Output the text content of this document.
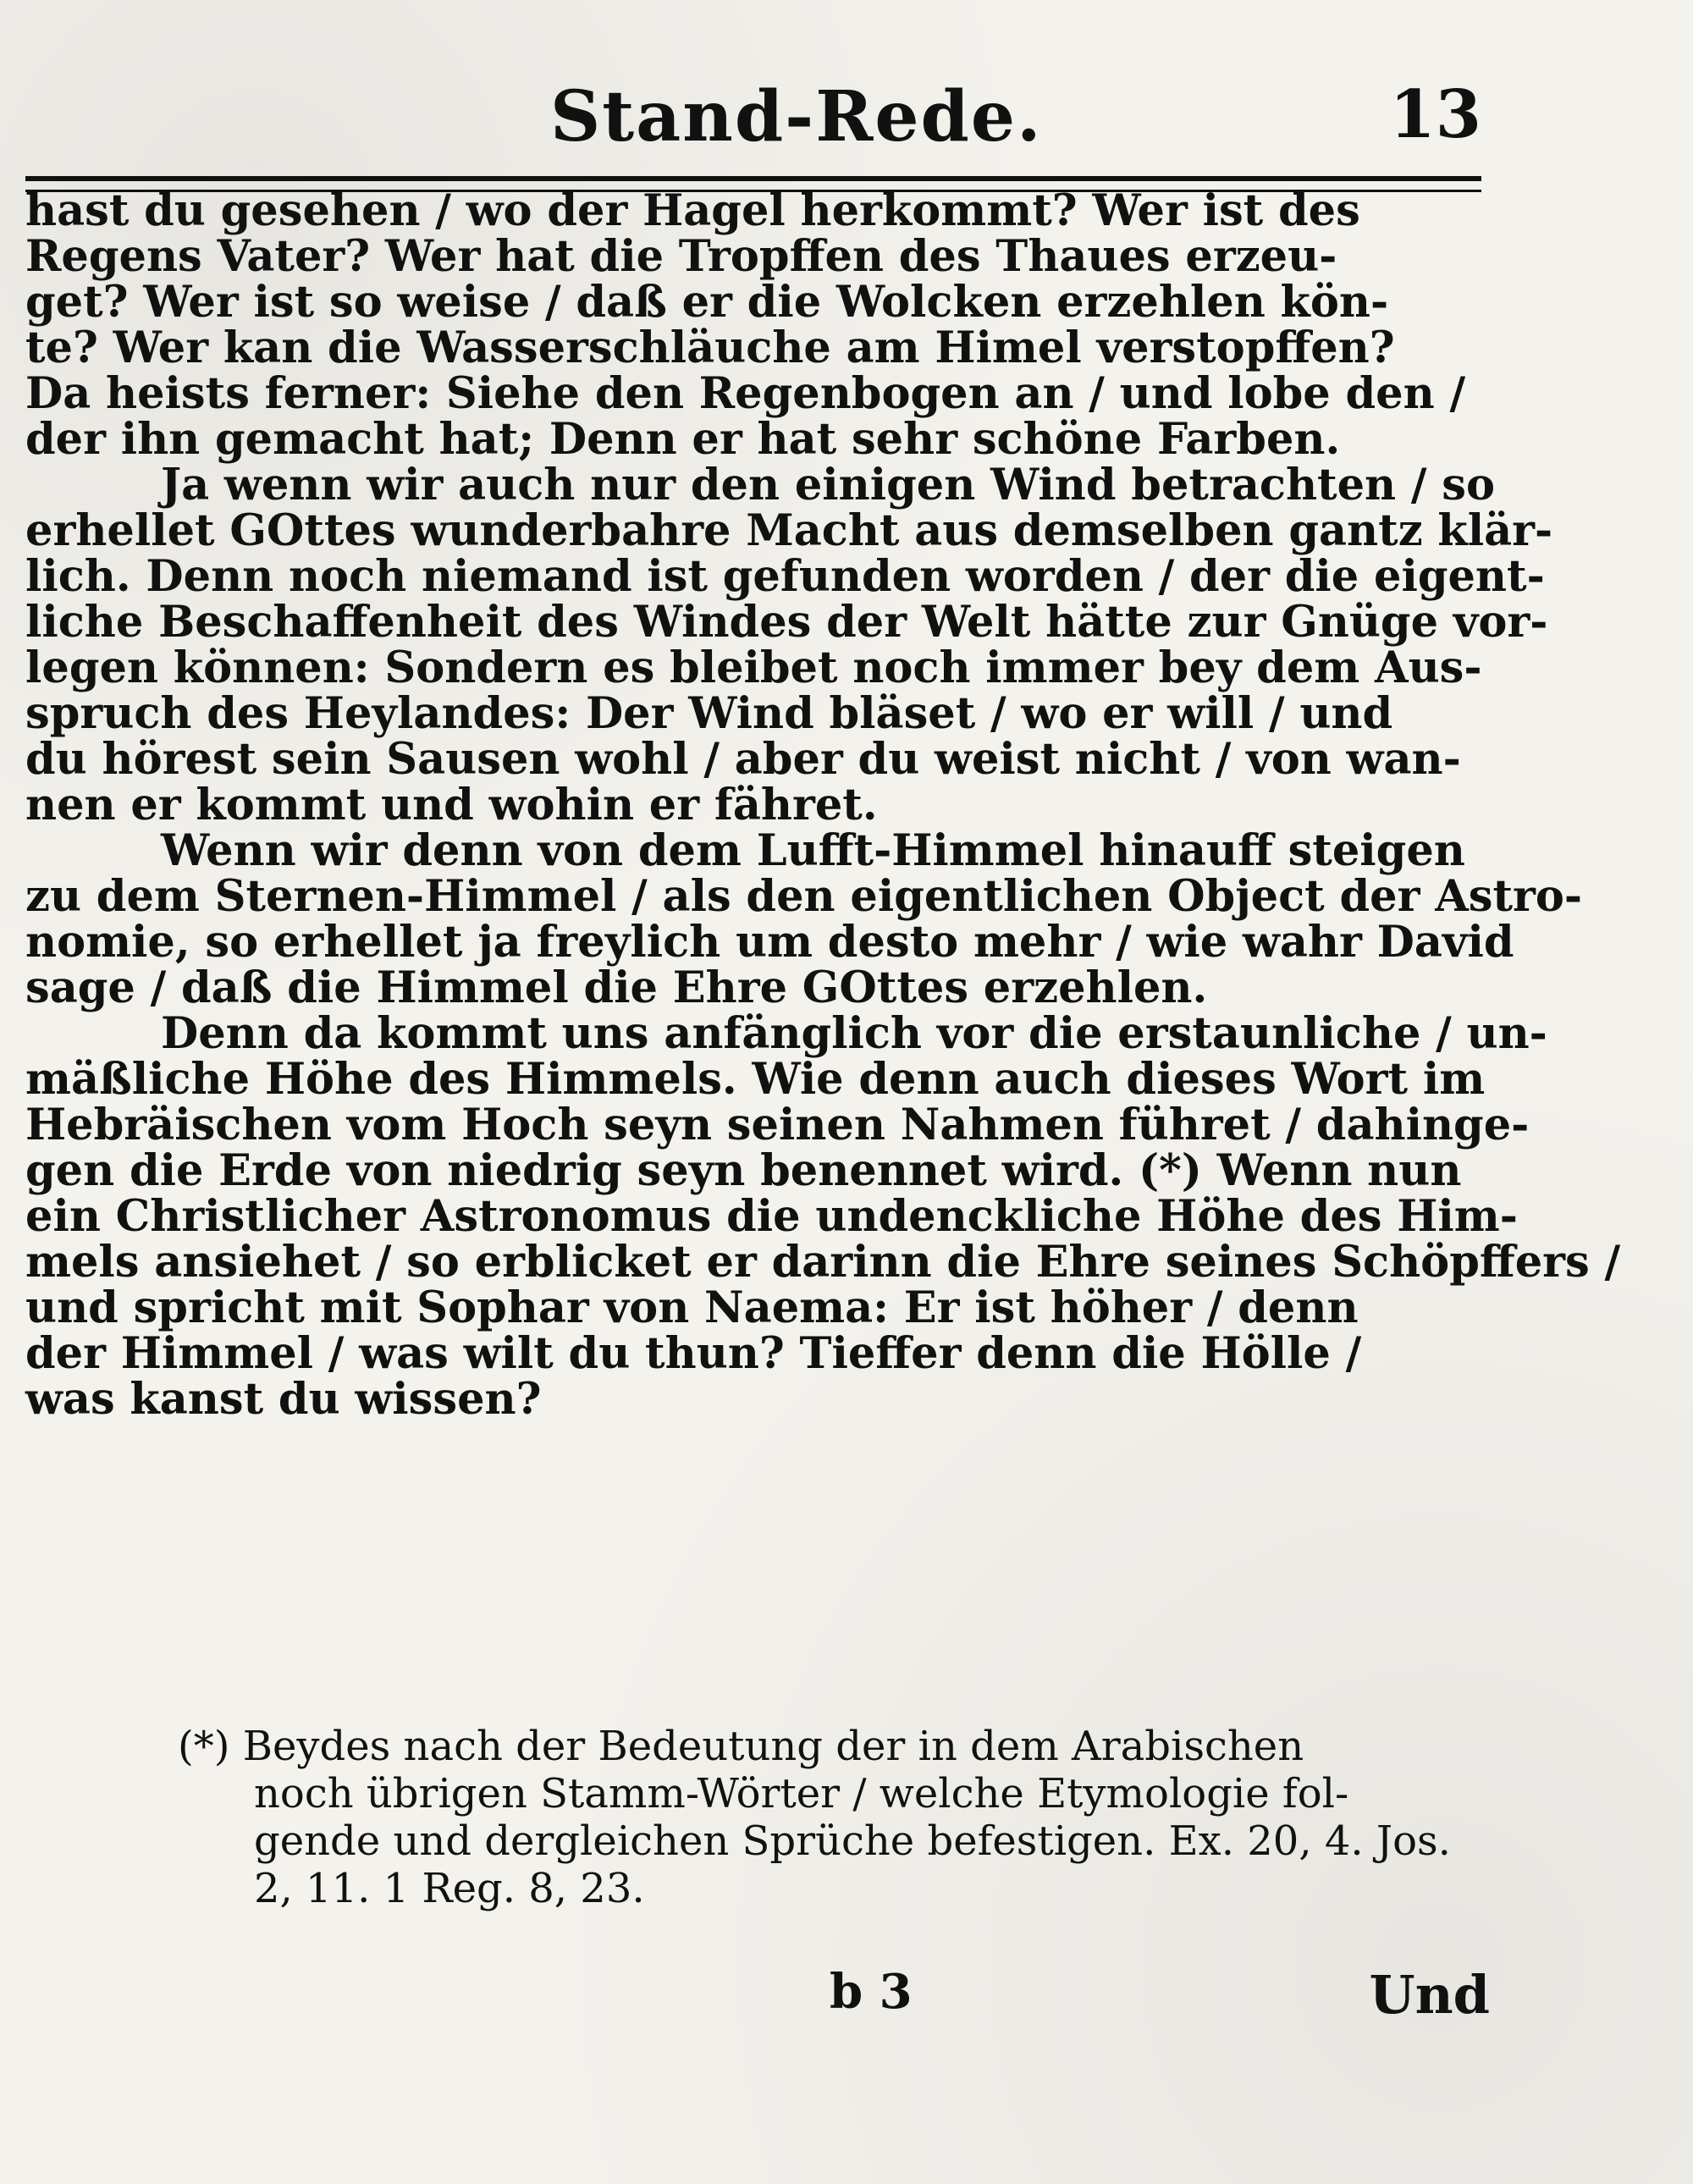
Stand-Rede.	13
hast du gesehen / wo der Hagel herkommt? Wer ist des
Regens Vater? Wer hat die Tropffen des Thaues erzeu-
get? Wer ist so weise / daß er die Wolcken erzehlen kön-
te? Wer kan die Wasserschläuche am Himel verstopffen?
Da heists ferner: Siehe den Regenbogen an / und lobe den /
der ihn gemacht hat; Denn er hat sehr schöne Farben.
Ja wenn wir auch nur den einigen Wind betrachten / so
erhellet GOttes wunderbahre Macht aus demselben gantz klär-
lich. Denn noch niemand ist gefunden worden / der die eigent-
liche Beschaffenheit des Windes der Welt hätte zur Gnüge vor-
legen können: Sondern es bleibet noch immer bey dem Aus-
spruch des Heylandes: Der Wind bläset / wo er will / und
du hörest sein Sausen wohl / aber du weist nicht / von wan-
nen er kommt und wohin er fähret.
Wenn wir denn von dem Lufft-Himmel hinauff steigen
zu dem Sternen-Himmel / als den eigentlichen Object der Astro-
nomie, so erhellet ja freylich um desto mehr / wie wahr David
sage / daß die Himmel die Ehre GOttes erzehlen.
Denn da kommt uns anfänglich vor die erstaunliche / un-
mäßliche Höhe des Himmels. Wie denn auch dieses Wort im
Hebräischen vom Hoch seyn seinen Nahmen führet / dahinge-
gen die Erde von niedrig seyn benennet wird. (*) Wenn nun
ein Christlicher Astronomus die undenckliche Höhe des Him-
mels ansiehet / so erblicket er darinn die Ehre seines Schöpffers /
und spricht mit Sophar von Naema: Er ist höher / denn
der Himmel / was wilt du thun? Tieffer denn die Hölle /
was kanst du wissen?
(*) Beydes nach der Bedeutung der in dem Arabischen
noch übrigen Stamm-Wörter / welche Etymologie fol-
gende und dergleichen Sprüche befestigen. Ex. 20, 4. Jos.
2, 11. 1 Reg. 8, 23.
b 3	Und
